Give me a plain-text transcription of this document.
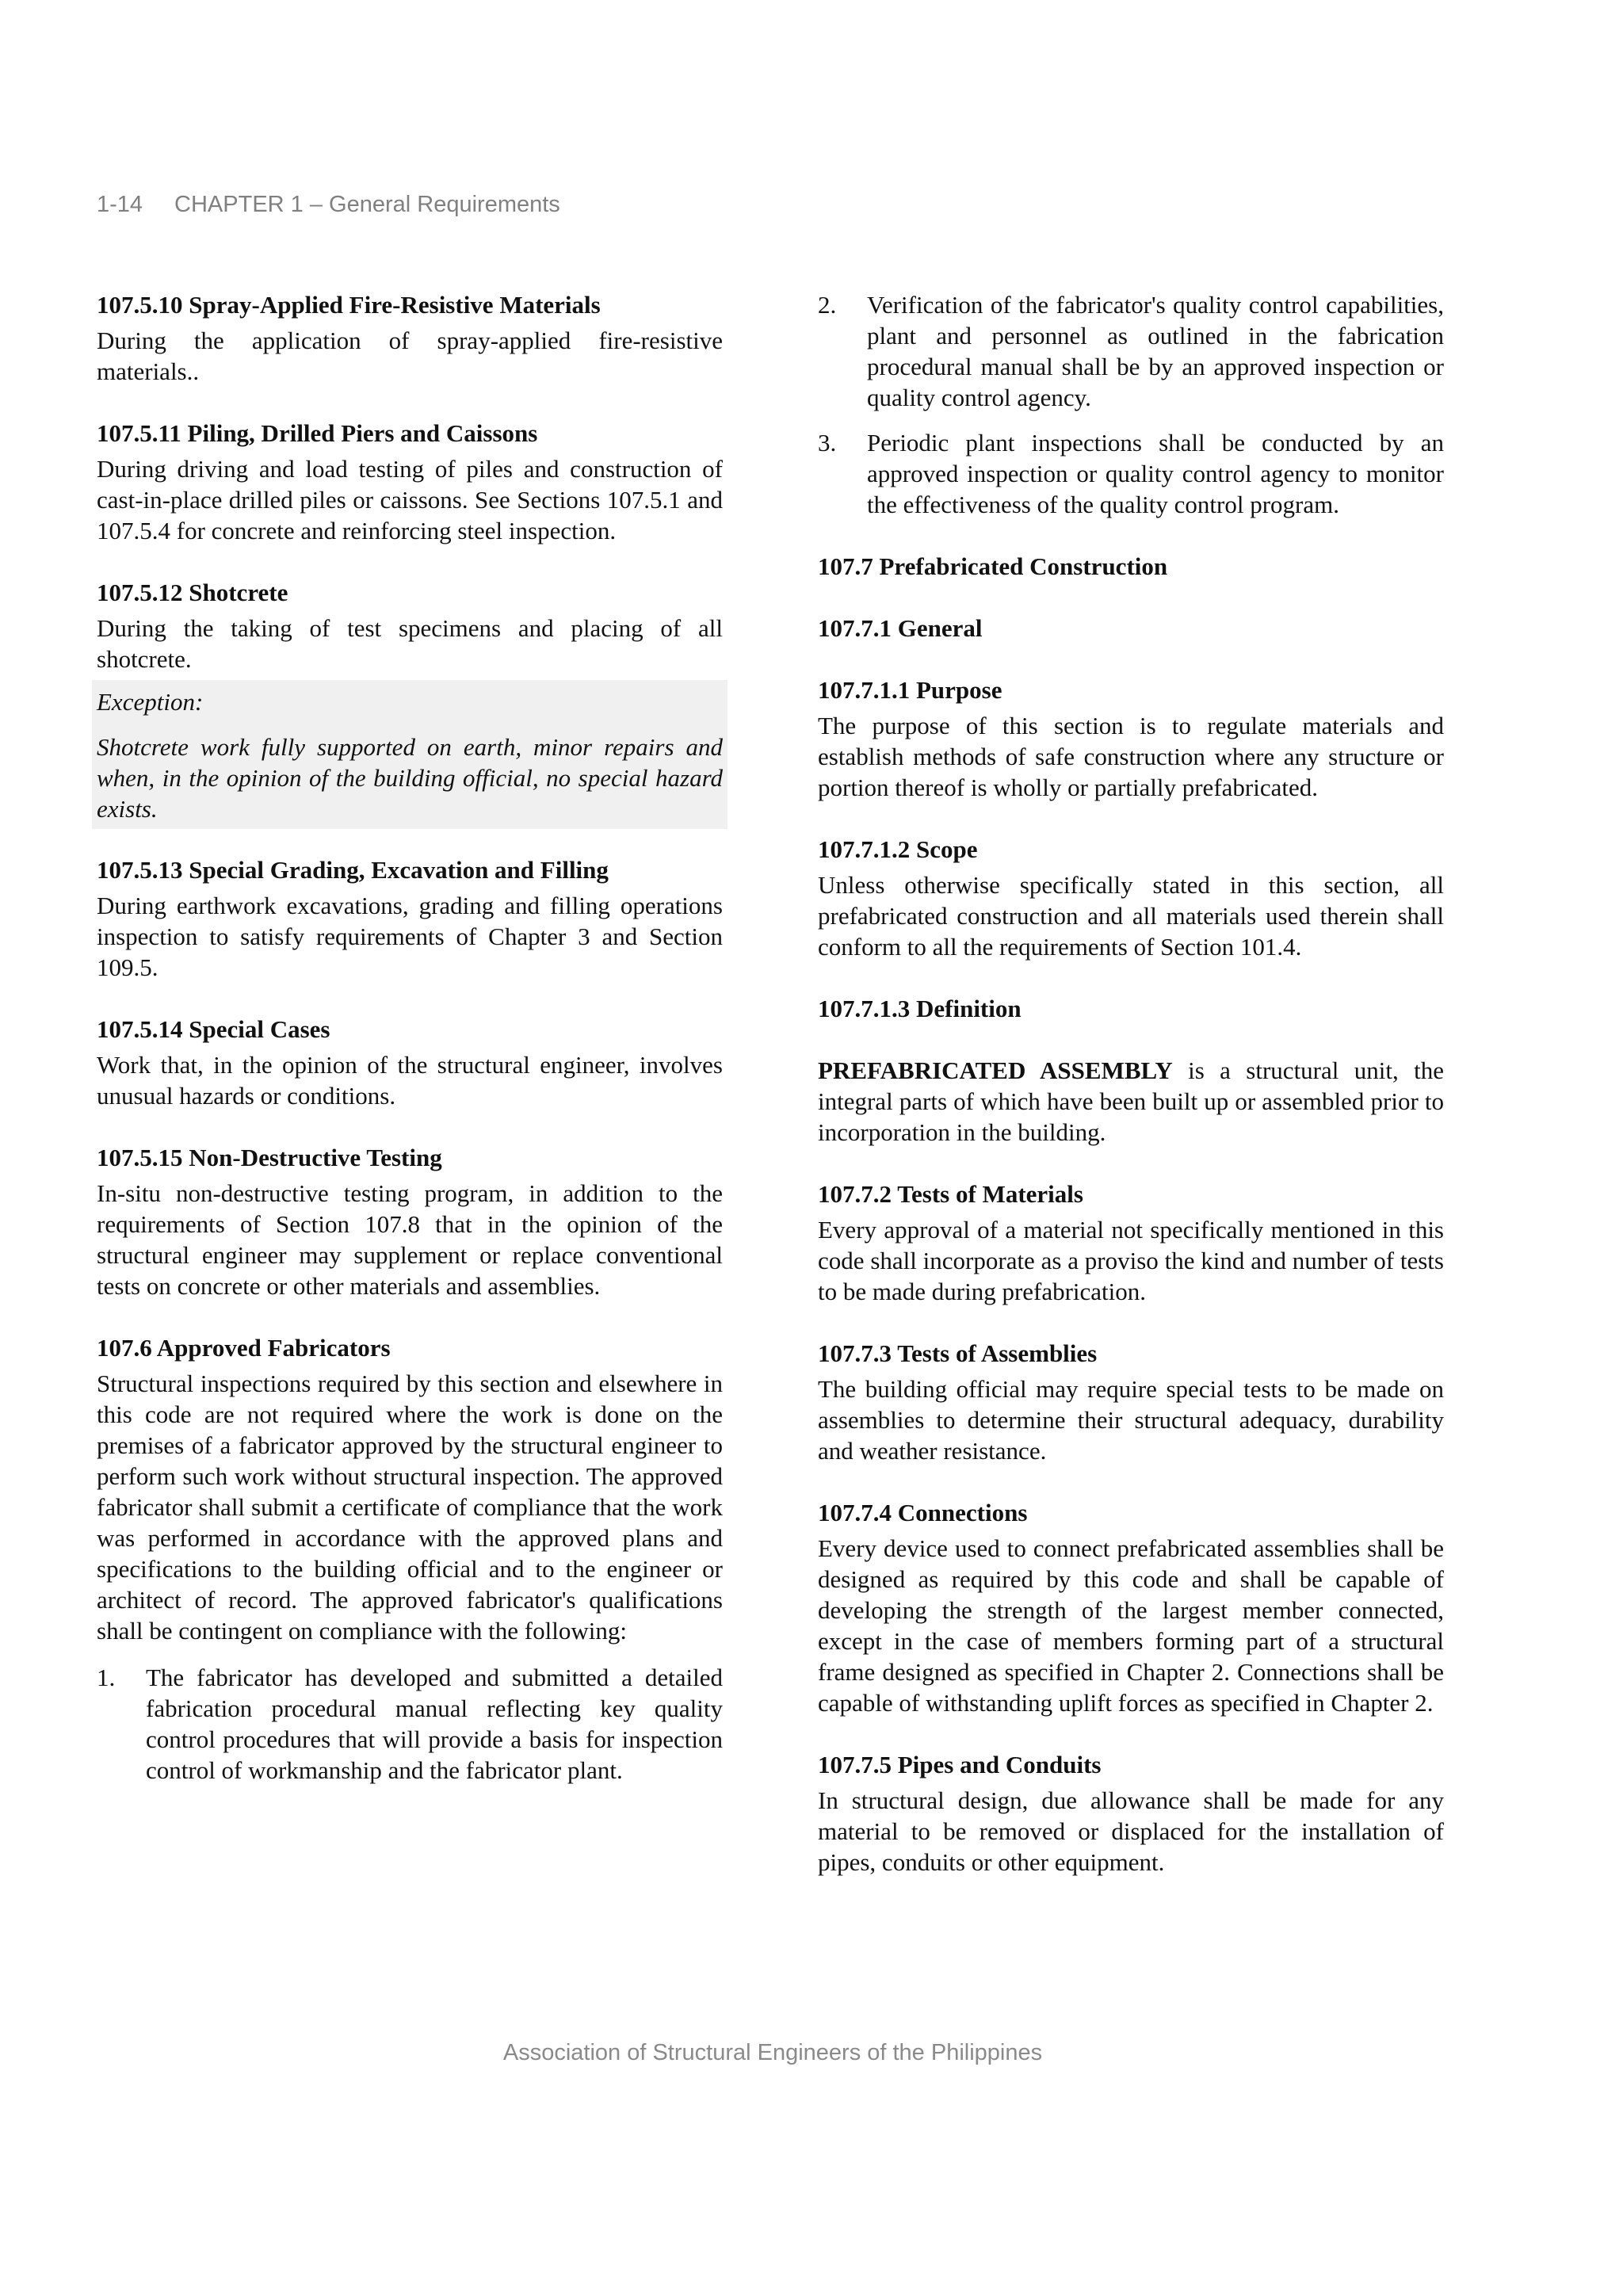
1-14 CHAPTER 1 – General Requirements
107.5.10 Spray-Applied Fire-Resistive Materials

During the application of spray-applied fire-resistive materials..

107.5.11 Piling, Drilled Piers and Caissons

During driving and load testing of piles and construction of cast-in-place drilled piles or caissons. See Sections 107.5.1 and 107.5.4 for concrete and reinforcing steel inspection.

107.5.12 Shotcrete

During the taking of test specimens and placing of all shotcrete.

Exception:

Shotcrete work fully supported on earth, minor repairs and when, in the opinion of the building official, no special hazard exists.

107.5.13 Special Grading, Excavation and Filling

During earthwork excavations, grading and filling operations inspection to satisfy requirements of Chapter 3 and Section 109.5.

107.5.14 Special Cases

Work that, in the opinion of the structural engineer, involves unusual hazards or conditions.

107.5.15 Non-Destructive Testing

In-situ non-destructive testing program, in addition to the requirements of Section 107.8 that in the opinion of the structural engineer may supplement or replace conventional tests on concrete or other materials and assemblies.

107.6 Approved Fabricators

Structural inspections required by this section and elsewhere in this code are not required where the work is done on the premises of a fabricator approved by the structural engineer to perform such work without structural inspection. The approved fabricator shall submit a certificate of compliance that the work was performed in accordance with the approved plans and specifications to the building official and to the engineer or architect of record. The approved fabricator's qualifications shall be contingent on compliance with the following:

1. The fabricator has developed and submitted a detailed fabrication procedural manual reflecting key quality control procedures that will provide a basis for inspection control of workmanship and the fabricator plant.

2. Verification of the fabricator's quality control capabilities, plant and personnel as outlined in the fabrication procedural manual shall be by an approved inspection or quality control agency.

3. Periodic plant inspections shall be conducted by an approved inspection or quality control agency to monitor the effectiveness of the quality control program.

107.7 Prefabricated Construction
107.7.1 General
107.7.1.1 Purpose

The purpose of this section is to regulate materials and establish methods of safe construction where any structure or portion thereof is wholly or partially prefabricated.

107.7.1.2 Scope

Unless otherwise specifically stated in this section, all prefabricated construction and all materials used therein shall conform to all the requirements of Section 101.4.

107.7.1.3 Definition

PREFABRICATED ASSEMBLY is a structural unit, the integral parts of which have been built up or assembled prior to incorporation in the building.

107.7.2 Tests of Materials

Every approval of a material not specifically mentioned in this code shall incorporate as a proviso the kind and number of tests to be made during prefabrication.

107.7.3 Tests of Assemblies

The building official may require special tests to be made on assemblies to determine their structural adequacy, durability and weather resistance.

107.7.4 Connections

Every device used to connect prefabricated assemblies shall be designed as required by this code and shall be capable of developing the strength of the largest member connected, except in the case of members forming part of a structural frame designed as specified in Chapter 2. Connections shall be capable of withstanding uplift forces as specified in Chapter 2.

107.7.5 Pipes and Conduits

In structural design, due allowance shall be made for any material to be removed or displaced for the installation of pipes, conduits or other equipment.

Association of Structural Engineers of the Philippines
